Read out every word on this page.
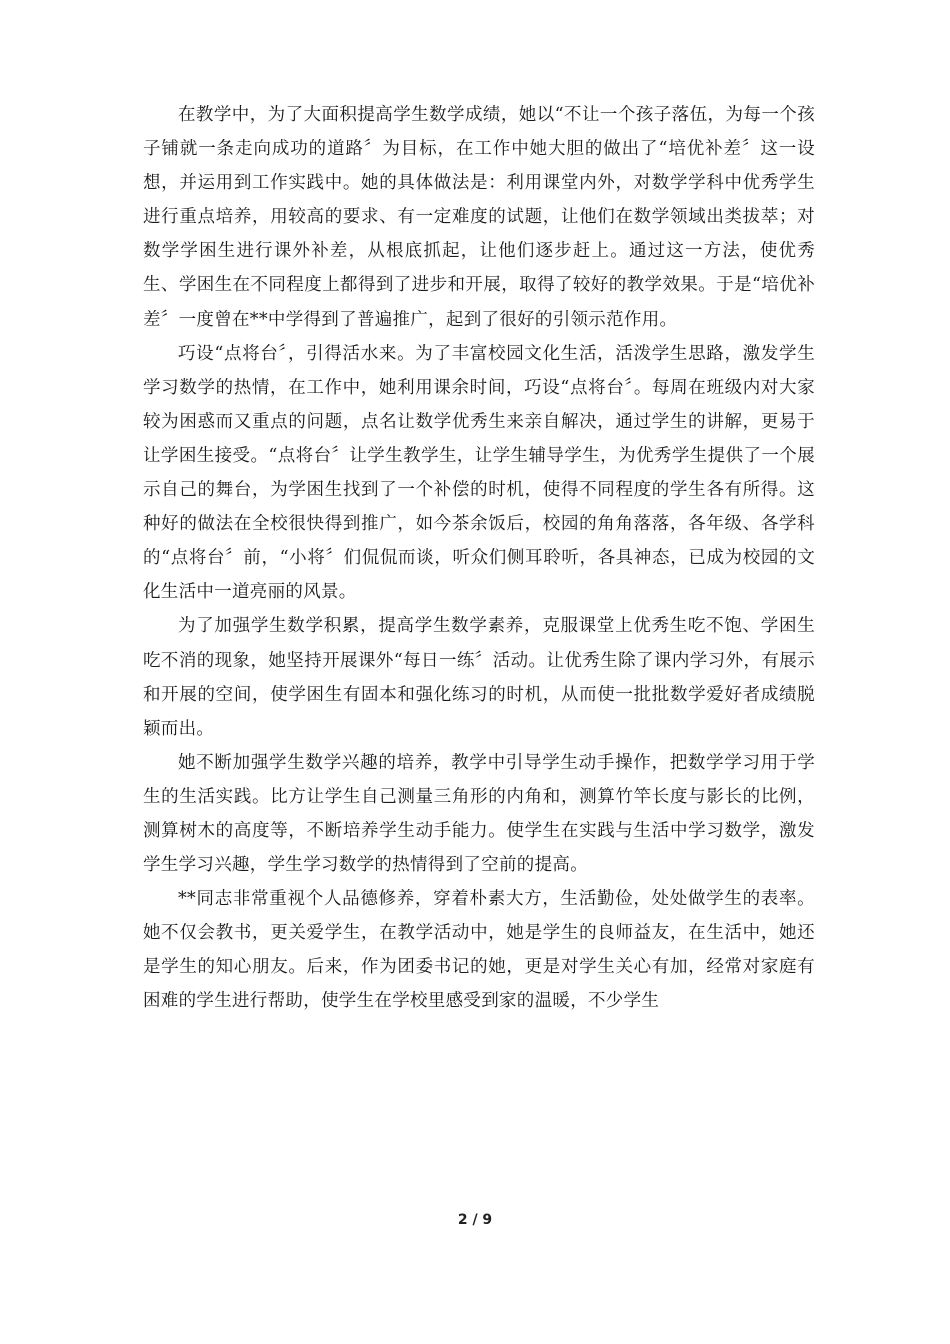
在教学中，为了大面积提高学生数学成绩，她以“不让一个孩子落伍，为每一个孩子铺就一条走向成功的道路〞为目标，在工作中她大胆的做出了“培优补差〞这一设想，并运用到工作实践中。她的具体做法是：利用课堂内外，对数学学科中优秀学生进行重点培养，用较高的要求、有一定难度的试题，让他们在数学领域出类拔萃；对数学学困生进行课外补差，从根底抓起，让他们逐步赶上。通过这一方法，使优秀生、学困生在不同程度上都得到了进步和开展，取得了较好的教学效果。于是“培优补差〞一度曾在**中学得到了普遍推广，起到了很好的引领示范作用。

巧设“点将台〞，引得活水来。为了丰富校园文化生活，活泼学生思路，激发学生学习数学的热情，在工作中，她利用课余时间，巧设“点将台〞。每周在班级内对大家较为困惑而又重点的问题，点名让数学优秀生来亲自解决，通过学生的讲解，更易于让学困生接受。“点将台〞让学生教学生，让学生辅导学生，为优秀学生提供了一个展示自己的舞台，为学困生找到了一个补偿的时机，使得不同程度的学生各有所得。这种好的做法在全校很快得到推广，如今茶余饭后，校园的角角落落，各年级、各学科的“点将台〞前，“小将〞们侃侃而谈，听众们侧耳聆听，各具神态，已成为校园的文化生活中一道亮丽的风景。

为了加强学生数学积累，提高学生数学素养，克服课堂上优秀生吃不饱、学困生吃不消的现象，她坚持开展课外“每日一练〞活动。让优秀生除了课内学习外，有展示和开展的空间，使学困生有固本和强化练习的时机，从而使一批批数学爱好者成绩脱颖而出。

她不断加强学生数学兴趣的培养，教学中引导学生动手操作，把数学学习用于学生的生活实践。比方让学生自己测量三角形的内角和，测算竹竿长度与影长的比例，测算树木的高度等，不断培养学生动手能力。使学生在实践与生活中学习数学，激发学生学习兴趣，学生学习数学的热情得到了空前的提高。

**同志非常重视个人品德修养，穿着朴素大方，生活勤俭，处处做学生的表率。她不仅会教书，更关爱学生，在教学活动中，她是学生的良师益友，在生活中，她还是学生的知心朋友。后来，作为团委书记的她，更是对学生关心有加，经常对家庭有困难的学生进行帮助，使学生在学校里感受到家的温暖，不少学生

2 / 9
